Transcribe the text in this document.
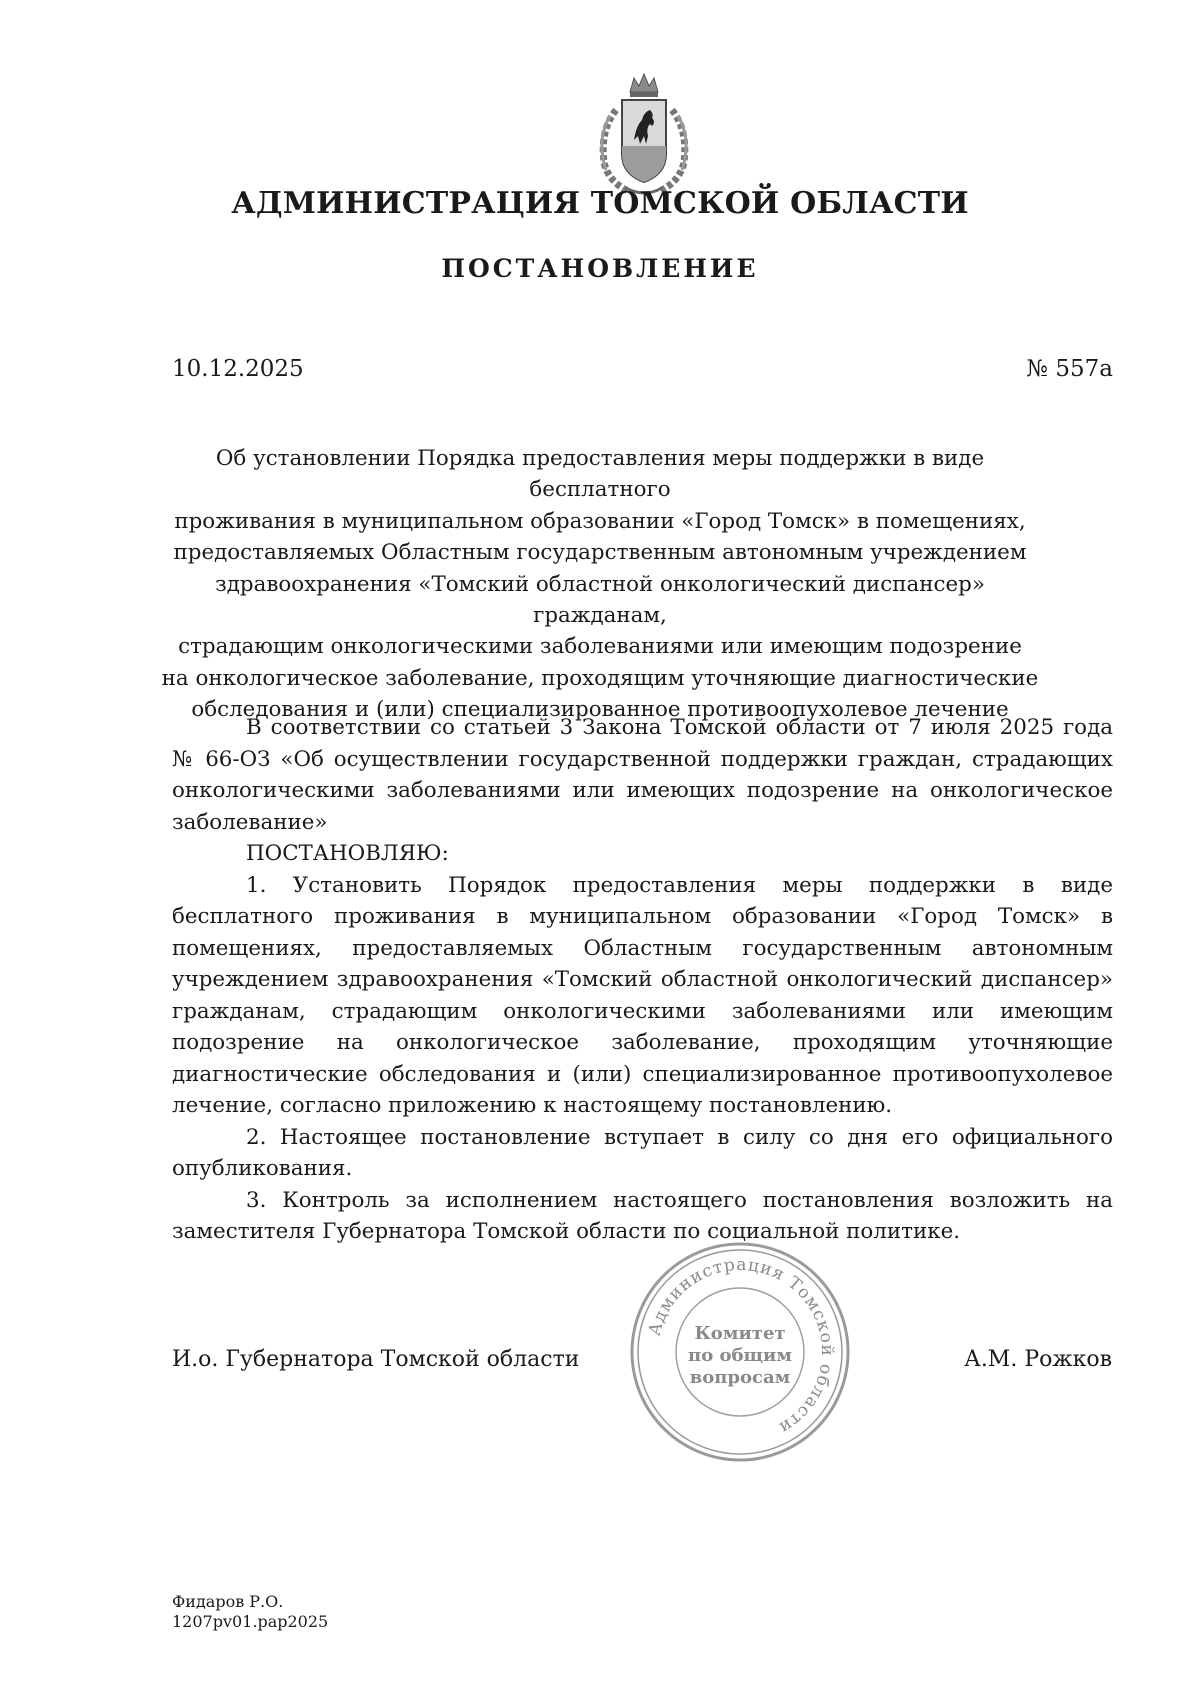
АДМИНИСТРАЦИЯ ТОМСКОЙ ОБЛАСТИ
ПОСТАНОВЛЕНИЕ
10.12.2025	№ 557а
Об установлении Порядка предоставления меры поддержки в виде бесплатного
проживания в муниципальном образовании «Город Томск» в помещениях,
предоставляемых Областным государственным автономным учреждением
здравоохранения «Томский областной онкологический диспансер» гражданам,
страдающим онкологическими заболеваниями или имеющим подозрение
на онкологическое заболевание, проходящим уточняющие диагностические
обследования и (или) специализированное противоопухолевое лечение

В соответствии со статьей 3 Закона Томской области от 7 июля 2025 года № 66-ОЗ «Об осуществлении государственной поддержки граждан, страдающих онкологическими заболеваниями или имеющих подозрение на онкологическое заболевание»

ПОСТАНОВЛЯЮ:

1. Установить Порядок предоставления меры поддержки в виде бесплатного проживания в муниципальном образовании «Город Томск» в помещениях, предоставляемых Областным государственным автономным учреждением здравоохранения «Томский областной онкологический диспансер» гражданам, страдающим онкологическими заболеваниями или имеющим подозрение на онкологическое заболевание, проходящим уточняющие диагностические обследования и (или) специализированное противоопухолевое лечение, согласно приложению к настоящему постановлению.

2. Настоящее постановление вступает в силу со дня его официального опубликования.

3. Контроль за исполнением настоящего постановления возложить на заместителя Губернатора Томской области по социальной политике.

И.о. Губернатора Томской области	А.М. Рожков
Администрация Томской области
Комитет
по общим
вопросам
Фидаров Р.О.
1207pv01.pap2025
